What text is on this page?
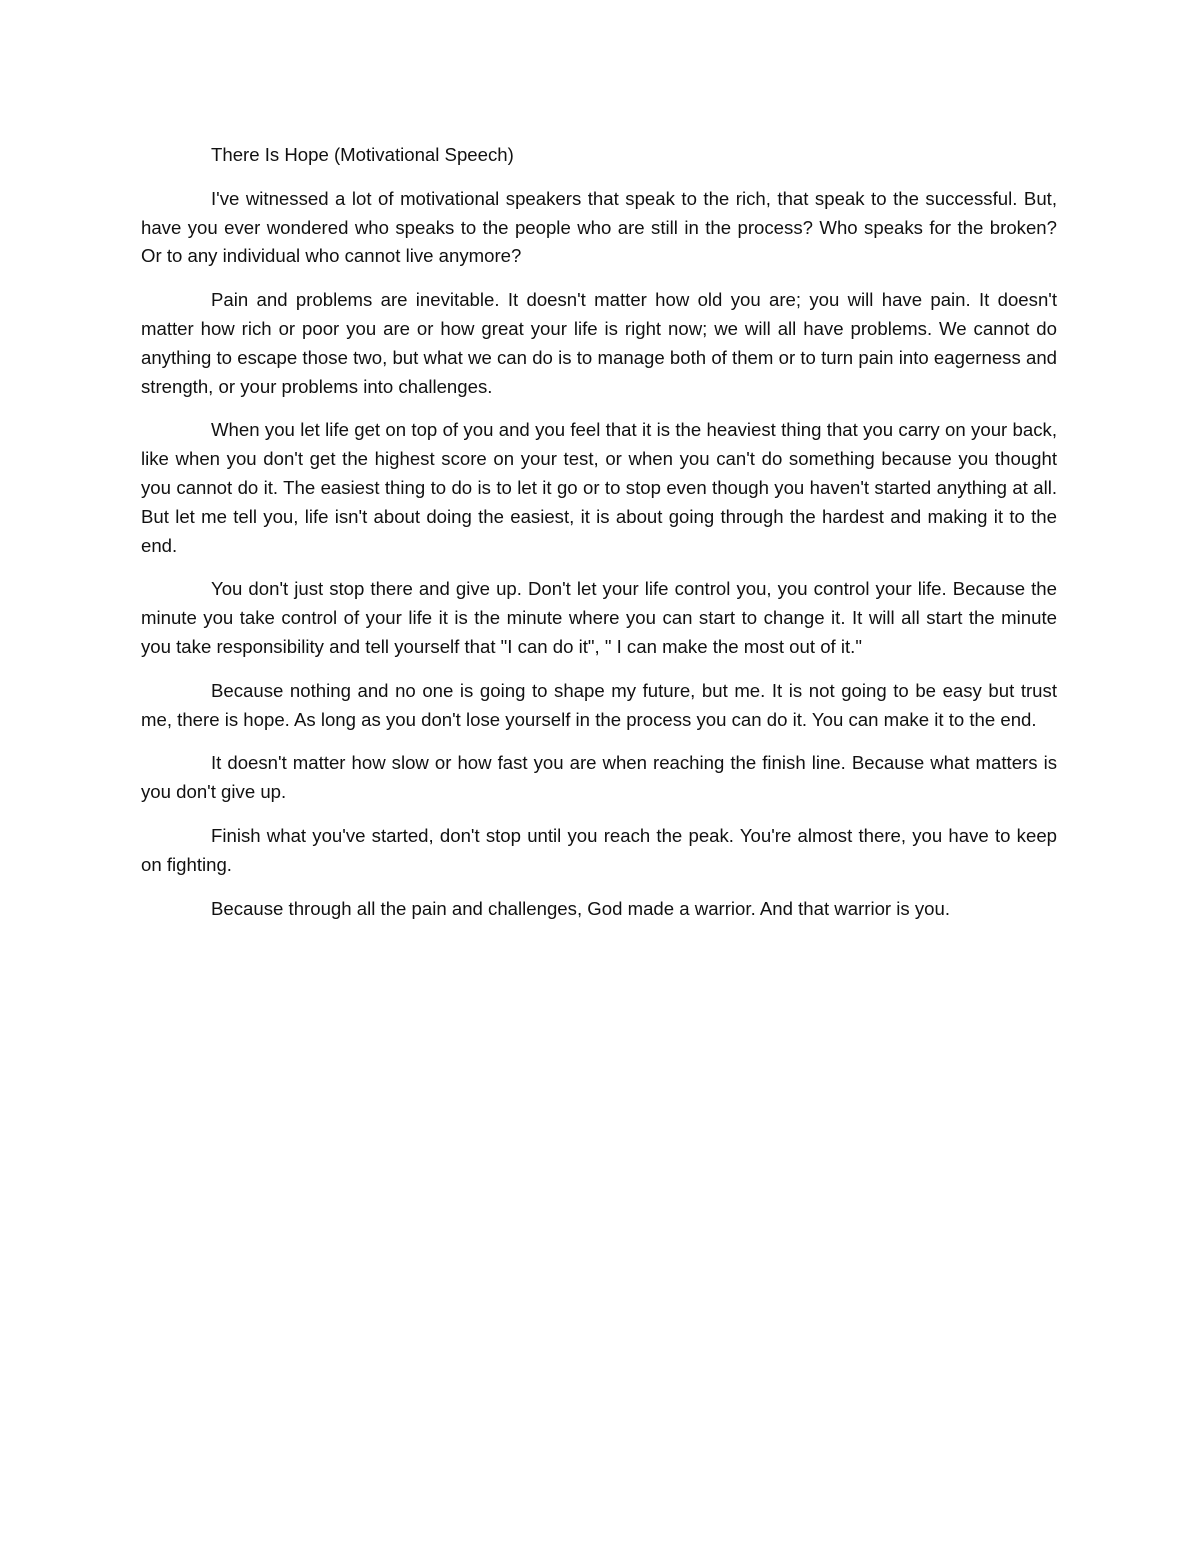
There Is Hope (Motivational Speech)

I've witnessed a lot of motivational speakers that speak to the rich, that speak to the successful. But, have you ever wondered who speaks to the people who are still in the process? Who speaks for the broken? Or to any individual who cannot live anymore?

Pain and problems are inevitable. It doesn't matter how old you are; you will have pain. It doesn't matter how rich or poor you are or how great your life is right now; we will all have problems. We cannot do anything to escape those two, but what we can do is to manage both of them or to turn pain into eagerness and strength, or your problems into challenges.

When you let life get on top of you and you feel that it is the heaviest thing that you carry on your back, like when you don't get the highest score on your test, or when you can't do something because you thought you cannot do it. The easiest thing to do is to let it go or to stop even though you haven't started anything at all. But let me tell you, life isn't about doing the easiest, it is about going through the hardest and making it to the end.

You don't just stop there and give up. Don't let your life control you, you control your life. Because the minute you take control of your life it is the minute where you can start to change it. It will all start the minute you take responsibility and tell yourself that "I can do it", " I can make the most out of it."

Because nothing and no one is going to shape my future, but me. It is not going to be easy but trust me, there is hope. As long as you don't lose yourself in the process you can do it. You can make it to the end.

It doesn't matter how slow or how fast you are when reaching the finish line. Because what matters is you don't give up.

Finish what you've started, don't stop until you reach the peak. You're almost there, you have to keep on fighting.

Because through all the pain and challenges, God made a warrior. And that warrior is you.
